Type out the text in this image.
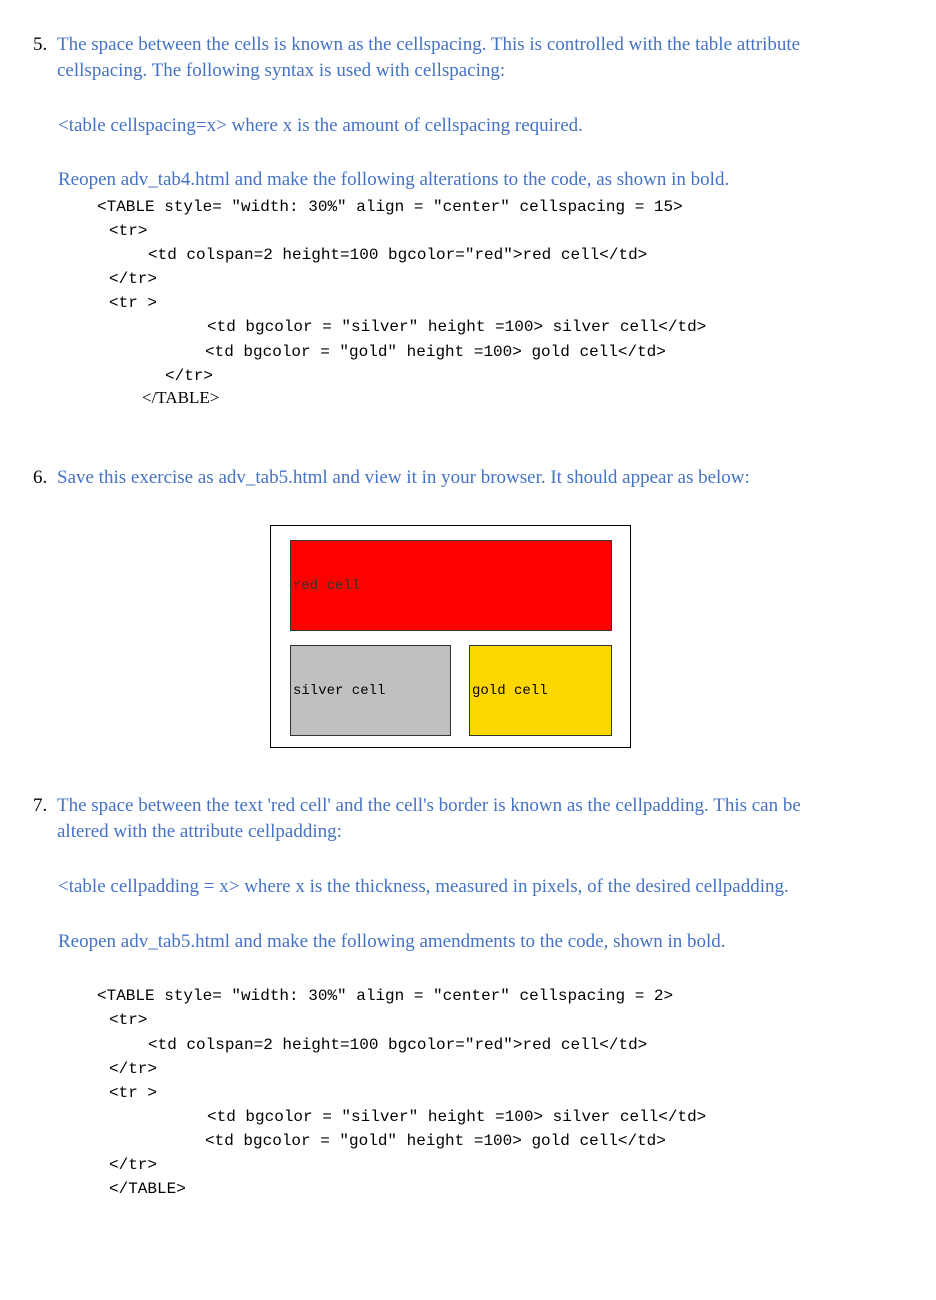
5. The space between the cells is known as the cellspacing. This is controlled with the table attribute
cellspacing. The following syntax is used with cellspacing:
<table cellspacing=x> where x is the amount of cellspacing required.
Reopen adv_tab4.html and make the following alterations to the code, as shown in bold.
<TABLE style= "width: 30%" align = "center" cellspacing = 15>
<tr>
<td colspan=2 height=100 bgcolor="red">red cell</td>
</tr>
<tr >
<td bgcolor = "silver" height =100> silver cell</td>
<td bgcolor = "gold" height =100> gold cell</td>
</tr>
</TABLE>
6. Save this exercise as adv_tab5.html and view it in your browser. It should appear as below:
red cell
silver cell	gold cell
7. The space between the text 'red cell' and the cell's border is known as the cellpadding. This can be
altered with the attribute cellpadding:
<table cellpadding = x> where x is the thickness, measured in pixels, of the desired cellpadding.
Reopen adv_tab5.html and make the following amendments to the code, shown in bold.
<TABLE style= "width: 30%" align = "center" cellspacing = 2>
<tr>
<td colspan=2 height=100 bgcolor="red">red cell</td>
</tr>
<tr >
<td bgcolor = "silver" height =100> silver cell</td>
<td bgcolor = "gold" height =100> gold cell</td>
</tr>
</TABLE>
